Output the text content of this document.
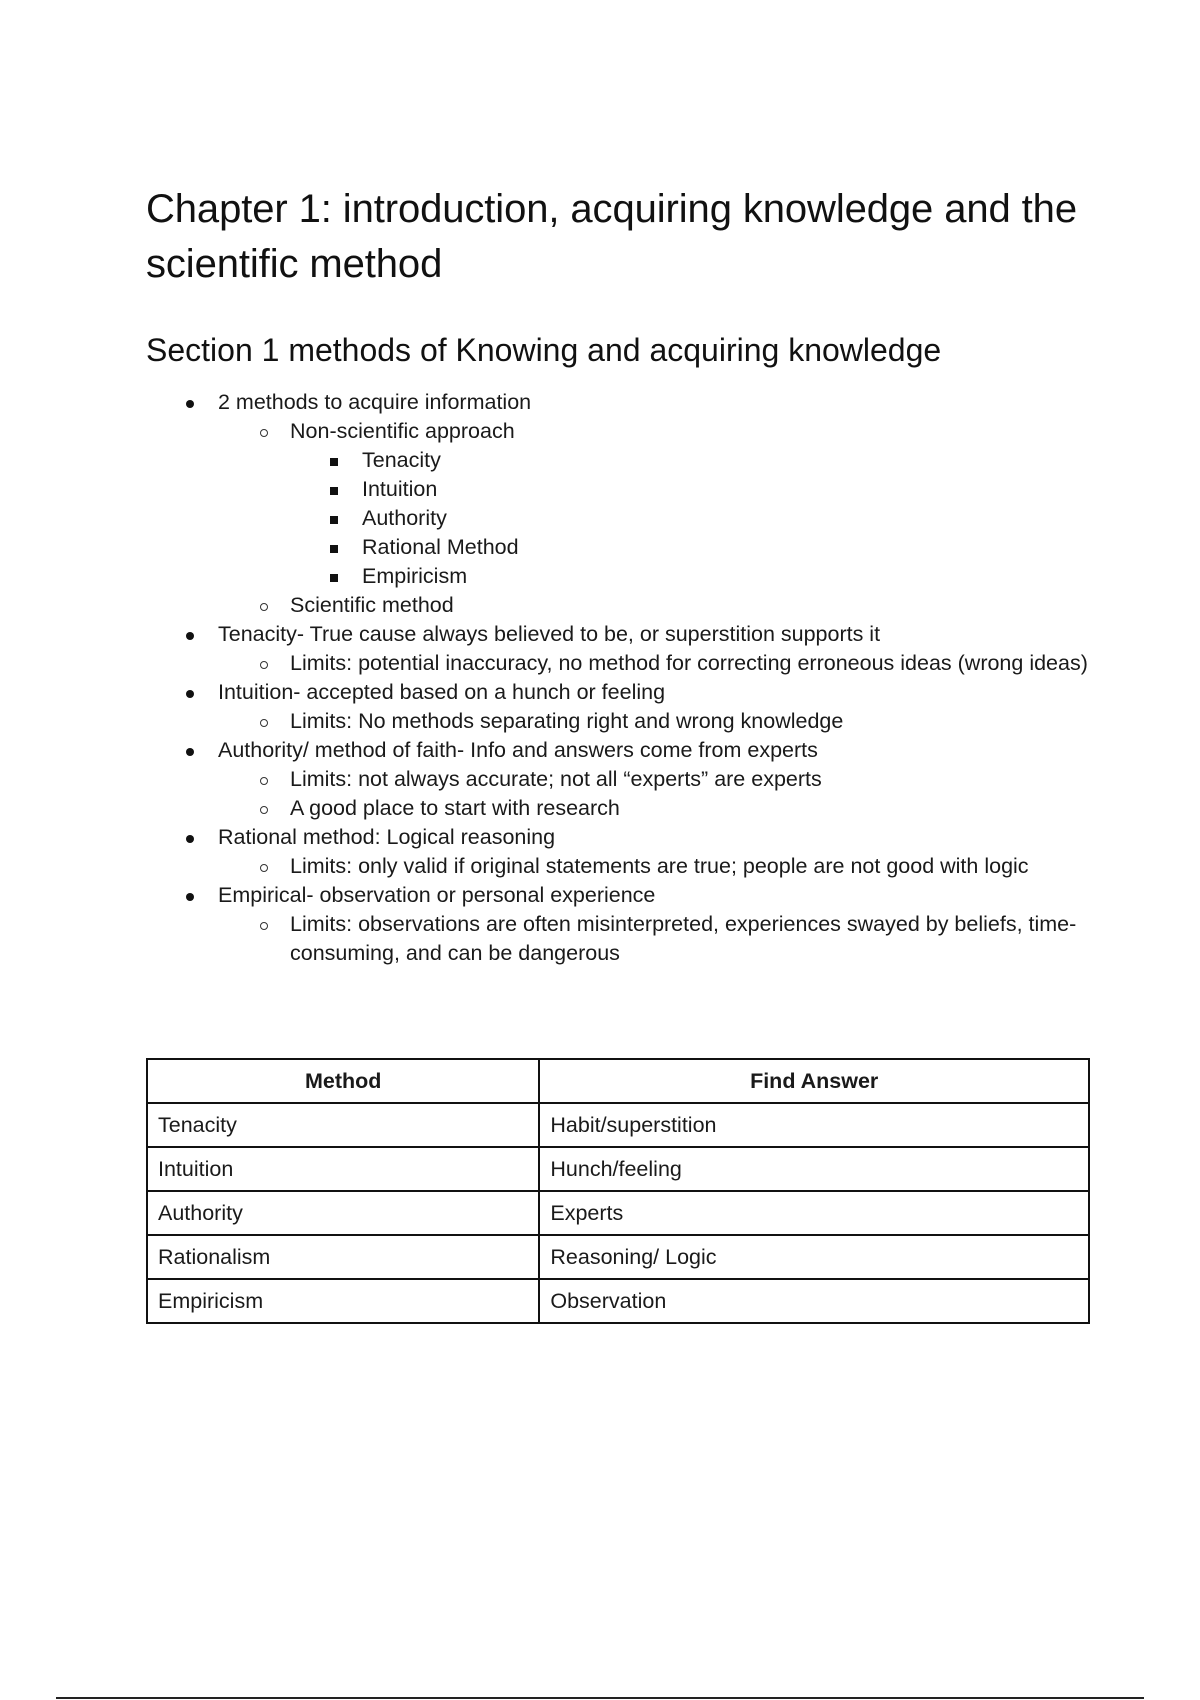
Chapter 1: introduction, acquiring knowledge and the scientific method
Section 1 methods of Knowing and acquiring knowledge
2 methods to acquire information
Non-scientific approach
Tenacity
Intuition
Authority
Rational Method
Empiricism
Scientific method
Tenacity- True cause always believed to be, or superstition supports it
Limits: potential inaccuracy, no method for correcting erroneous ideas (wrong ideas)
Intuition- accepted based on a hunch or feeling
Limits: No methods separating right and wrong knowledge
Authority/ method of faith- Info and answers come from experts
Limits: not always accurate; not all “experts” are experts
A good place to start with research
Rational method: Logical reasoning
Limits: only valid if original statements are true; people are not good with logic
Empirical- observation or personal experience
Limits: observations are often misinterpreted, experiences swayed by beliefs, time-consuming, and can be dangerous
Method	Find Answer
Tenacity	Habit/superstition
Intuition	Hunch/feeling
Authority	Experts
Rationalism	Reasoning/ Logic
Empiricism	Observation
